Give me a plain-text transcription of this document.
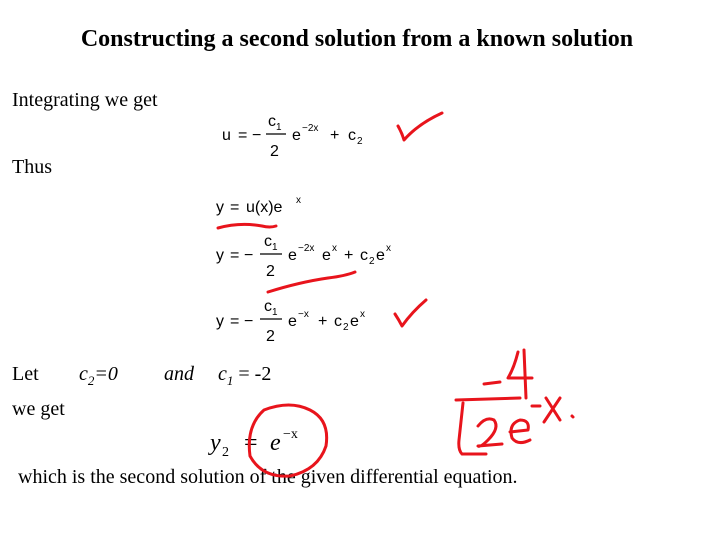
Constructing a second solution from a known solution
Integrating we get
u = −
c 1
2
e −2x + c 2
Thus
y = u(x)e x
y = −
c 1
2
e −2x e x + c 2 e x
y = −
c 1
2
e −x + c 2 e x
Let $c_2=0$ and $c_1 = -2$
we get
y 2 = e −x
which is the second solution of the given differential equation.
